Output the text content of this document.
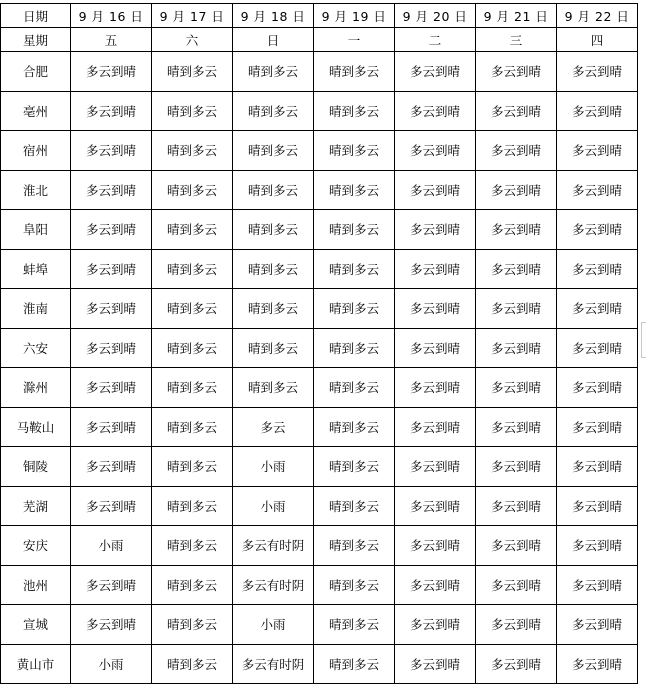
日期	9 月 16 日	9 月 17 日	9 月 18 日	9 月 19 日	9 月 20 日	9 月 21 日	9 月 22 日
星期	五	六	日	一	二	三	四
合肥	多云到晴	晴到多云	晴到多云	晴到多云	多云到晴	多云到晴	多云到晴
亳州	多云到晴	晴到多云	晴到多云	晴到多云	多云到晴	多云到晴	多云到晴
宿州	多云到晴	晴到多云	晴到多云	晴到多云	多云到晴	多云到晴	多云到晴
淮北	多云到晴	晴到多云	晴到多云	晴到多云	多云到晴	多云到晴	多云到晴
阜阳	多云到晴	晴到多云	晴到多云	晴到多云	多云到晴	多云到晴	多云到晴
蚌埠	多云到晴	晴到多云	晴到多云	晴到多云	多云到晴	多云到晴	多云到晴
淮南	多云到晴	晴到多云	晴到多云	晴到多云	多云到晴	多云到晴	多云到晴
六安	多云到晴	晴到多云	晴到多云	晴到多云	多云到晴	多云到晴	多云到晴
滁州	多云到晴	晴到多云	晴到多云	晴到多云	多云到晴	多云到晴	多云到晴
马鞍山	多云到晴	晴到多云	多云	晴到多云	多云到晴	多云到晴	多云到晴
铜陵	多云到晴	晴到多云	小雨	晴到多云	多云到晴	多云到晴	多云到晴
芜湖	多云到晴	晴到多云	小雨	晴到多云	多云到晴	多云到晴	多云到晴
安庆	小雨	晴到多云	多云有时阴	晴到多云	多云到晴	多云到晴	多云到晴
池州	多云到晴	晴到多云	多云有时阴	晴到多云	多云到晴	多云到晴	多云到晴
宣城	多云到晴	晴到多云	小雨	晴到多云	多云到晴	多云到晴	多云到晴
黄山市	小雨	晴到多云	多云有时阴	晴到多云	多云到晴	多云到晴	多云到晴
